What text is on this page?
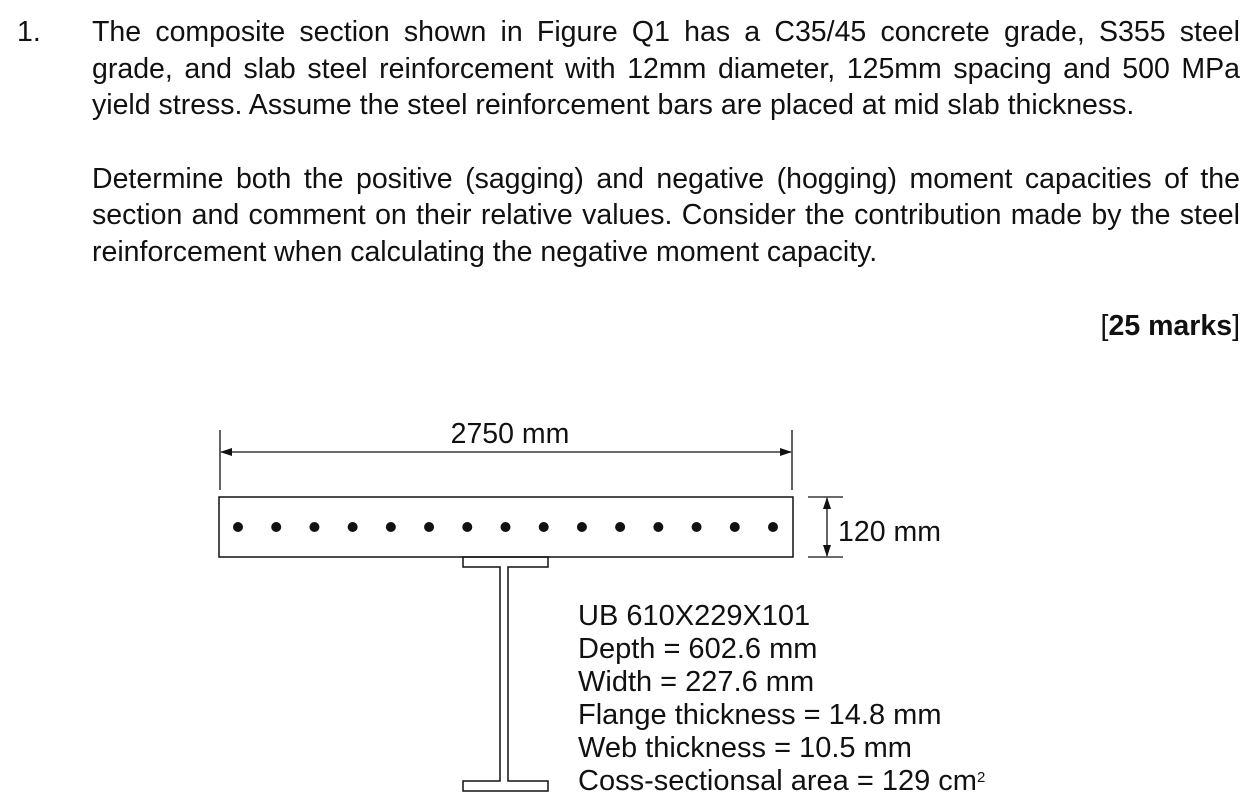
1. The composite section shown in Figure Q1 has a C35/45 concrete grade, S355 steel grade, and slab steel reinforcement with 12mm diameter, 125mm spacing and 500 MPa yield stress. Assume the steel reinforcement bars are placed at mid slab thickness.

Determine both the positive (sagging) and negative (hogging) moment capacities of the section and comment on their relative values. Consider the contribution made by the steel reinforcement when calculating the negative moment capacity.

[25 marks]
2750 mm
120 mm
UB 610X229X101
Depth = 602.6 mm
Width = 227.6 mm
Flange thickness = 14.8 mm
Web thickness = 10.5 mm
Coss-sectionsal area = 129 $cm^2$
